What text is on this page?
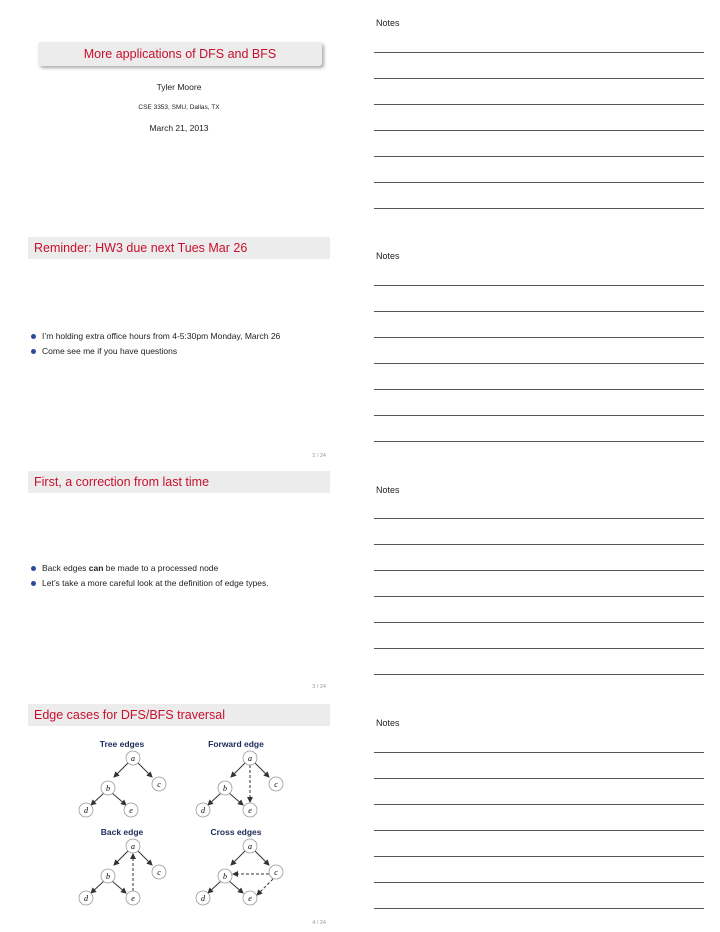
Notes
Notes
Notes
Notes
More applications of DFS and BFS
Tyler Moore
CSE 3353, SMU, Dallas, TX
March 21, 2013
Reminder: HW3 due next Tues Mar 26
I’m holding extra office hours from 4-5:30pm Monday, March 26
Come see me if you have questions
2 / 24
First, a correction from last time
Back edges can be made to a processed node
Let’s take a more careful look at the definition of edge types.
3 / 24
Edge cases for DFS/BFS traversal
Tree edges	Forward edge
Back edge	Cross edges
a
b	c
d	e
a
b	c
d	e
a
b	c
d	e
a
b	c
d	e
4 / 24
